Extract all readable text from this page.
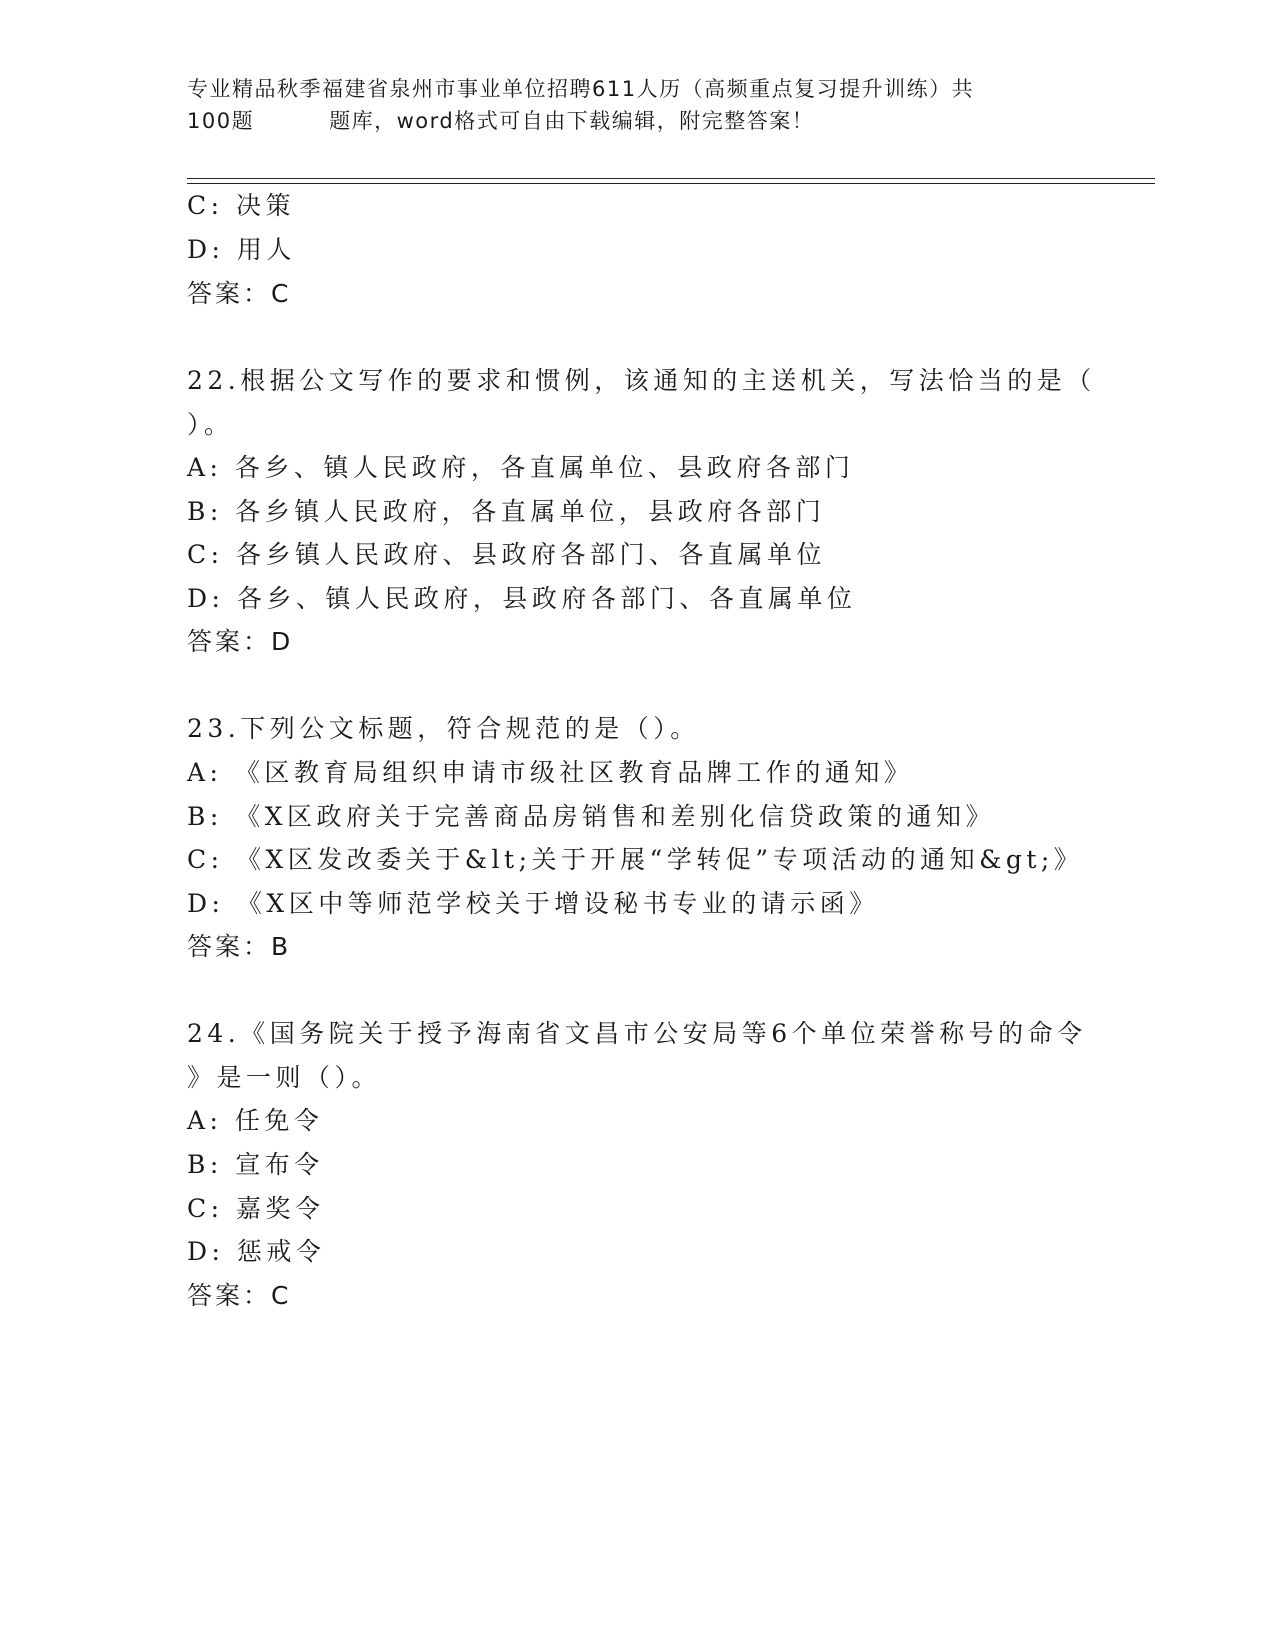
专业精品秋季福建省泉州市事业单位招聘611人历（高频重点复习提升训练）共
100题	题库，word格式可自由下载编辑，附完整答案！
C: 决策
D: 用人
答案：C
22.根据公文写作的要求和惯例，该通知的主送机关，写法恰当的是（
）。
A: 各乡、镇人民政府，各直属单位、县政府各部门
B: 各乡镇人民政府，各直属单位，县政府各部门
C: 各乡镇人民政府、县政府各部门、各直属单位
D: 各乡、镇人民政府，县政府各部门、各直属单位
答案：D
23.下列公文标题，符合规范的是（）。
A: 《区教育局组织申请市级社区教育品牌工作的通知》
B: 《X区政府关于完善商品房销售和差别化信贷政策的通知》
C: 《X区发改委关于&lt;关于开展“学转促”专项活动的通知&gt;》
D: 《X区中等师范学校关于增设秘书专业的请示函》
答案：B
24.《国务院关于授予海南省文昌市公安局等6个单位荣誉称号的命令
》是一则（）。
A: 任免令
B: 宣布令
C: 嘉奖令
D: 惩戒令
答案：C
